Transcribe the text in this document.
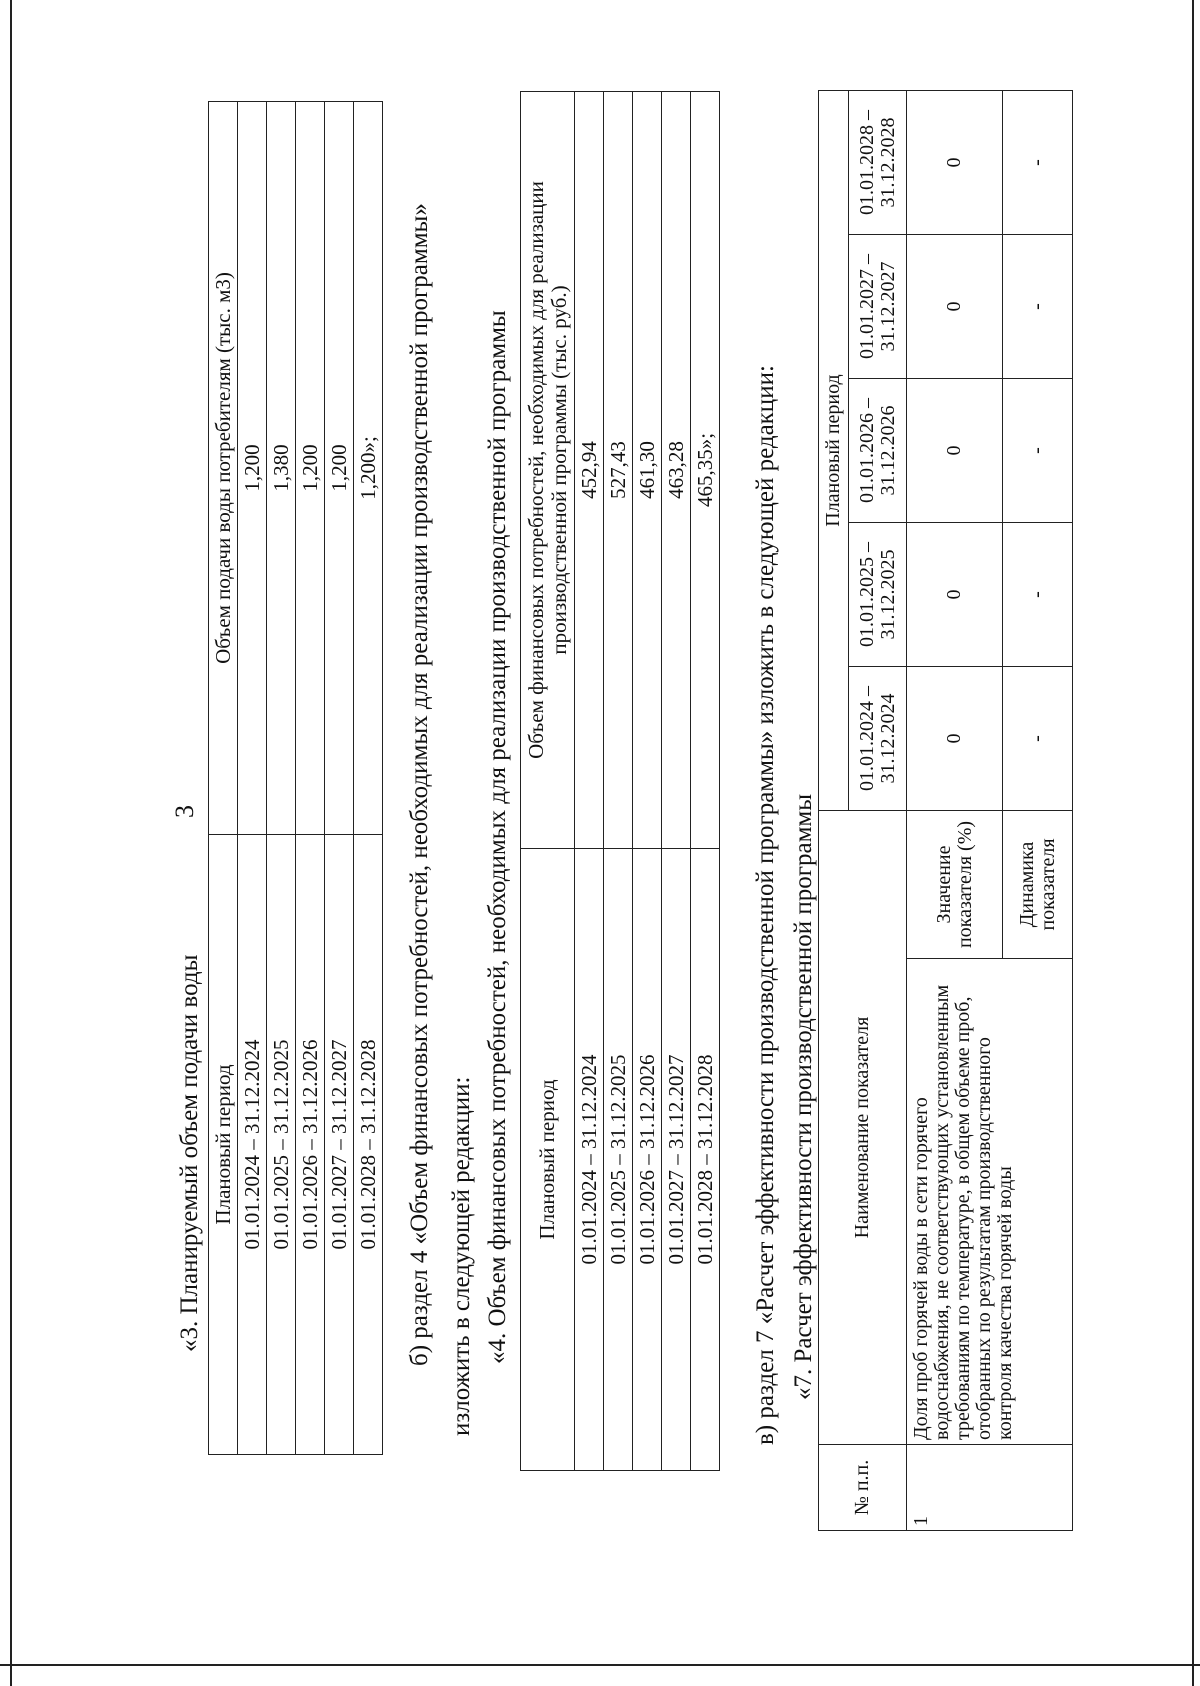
3
«3. Планируемый объем подачи воды Плановый период	Объем подачи воды потребителям (тыс. м3)
01.01.2024 – 31.12.2024	1,200
01.01.2025 – 31.12.2025	1,380
01.01.2026 – 31.12.2026	1,200
01.01.2027 – 31.12.2027	1,200
01.01.2028 – 31.12.2028	1,200»; б) раздел 4 «Объем финансовых потребностей, необходимых для реализации производственной программы» изложить в следующей редакции: «4. Объем финансовых потребностей, необходимых для реализации производственной программы Плановый период	Объем финансовых потребностей, необходимых для реализации производственной программы (тыс. руб.)
01.01.2024 – 31.12.2024	452,94
01.01.2025 – 31.12.2025	527,43
01.01.2026 – 31.12.2026	461,30
01.01.2027 – 31.12.2027	463,28
01.01.2028 – 31.12.2028	465,35»; в) раздел 7 «Расчет эффективности производственной программы» изложить в следующей редакции: «7. Расчет эффективности производственной программы
№ п.п.	Наименование показателя		Плановый период				
			01.01.2024 – 31.12.2024	01.01.2025 – 31.12.2025	01.01.2026 – 31.12.2026	01.01.2027 – 31.12.2027	01.01.2028 – 31.12.2028
1	Доля проб горячей воды в сети горячего водоснабжения, не соответствующих установленным требованиям по температуре, в общем объеме проб, отобранных по результатам производственного контроля качества горячей воды	Значение показателя (%)	0	0	0	0	0
		Динамика показателя	-	-	-	-	-
